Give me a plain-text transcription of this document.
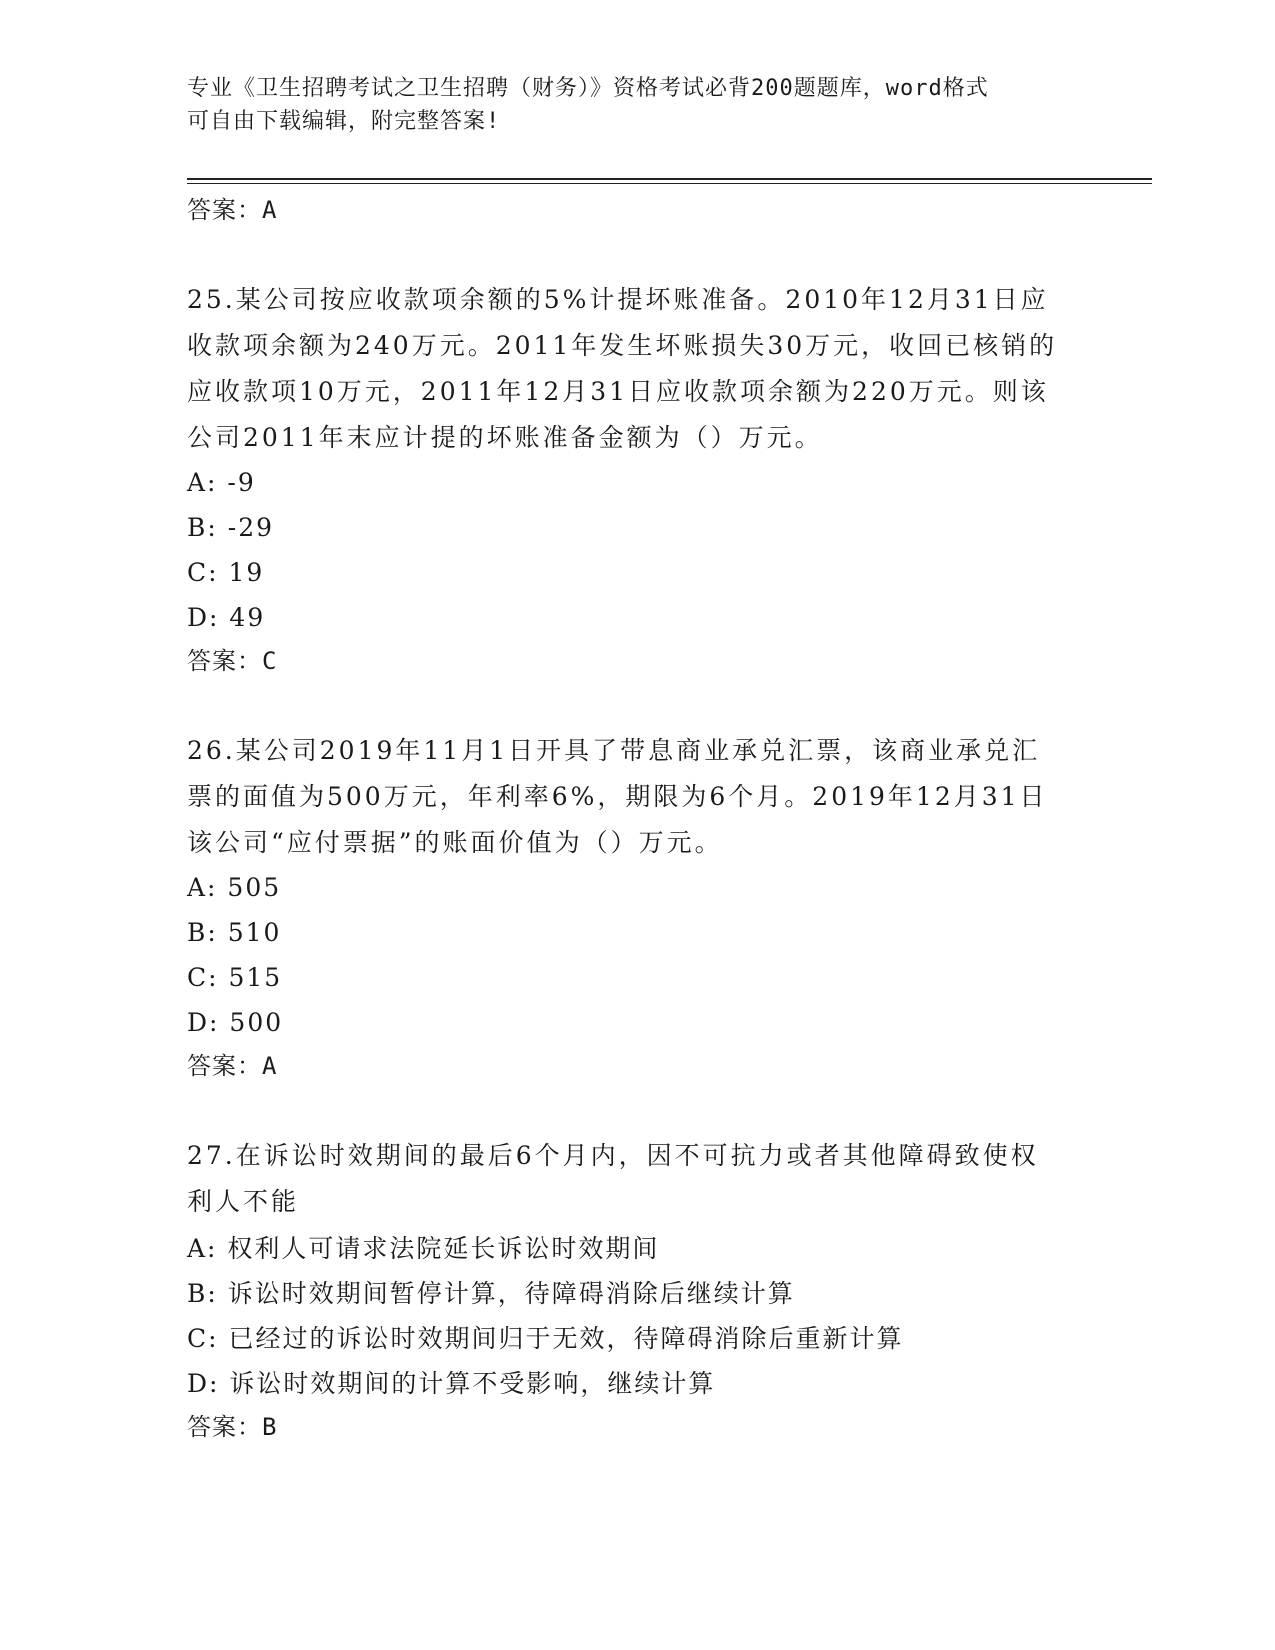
专业《卫生招聘考试之卫生招聘（财务）》资格考试必背200题题库，word格式
可自由下载编辑，附完整答案!
答案：A
25.某公司按应收款项余额的5%计提坏账准备。2010年12月31日应
收款项余额为240万元。2011年发生坏账损失30万元，收回已核销的
应收款项10万元，2011年12月31日应收款项余额为220万元。则该
公司2011年末应计提的坏账准备金额为（）万元。
A: -9
B: -29
C: 19
D: 49
答案：C
26.某公司2019年11月1日开具了带息商业承兑汇票，该商业承兑汇
票的面值为500万元，年利率6%，期限为6个月。2019年12月31日
该公司“应付票据”的账面价值为（）万元。
A: 505
B: 510
C: 515
D: 500
答案：A
27.在诉讼时效期间的最后6个月内，因不可抗力或者其他障碍致使权
利人不能
A: 权利人可请求法院延长诉讼时效期间
B: 诉讼时效期间暂停计算，待障碍消除后继续计算
C: 已经过的诉讼时效期间归于无效，待障碍消除后重新计算
D: 诉讼时效期间的计算不受影响，继续计算
答案：B
